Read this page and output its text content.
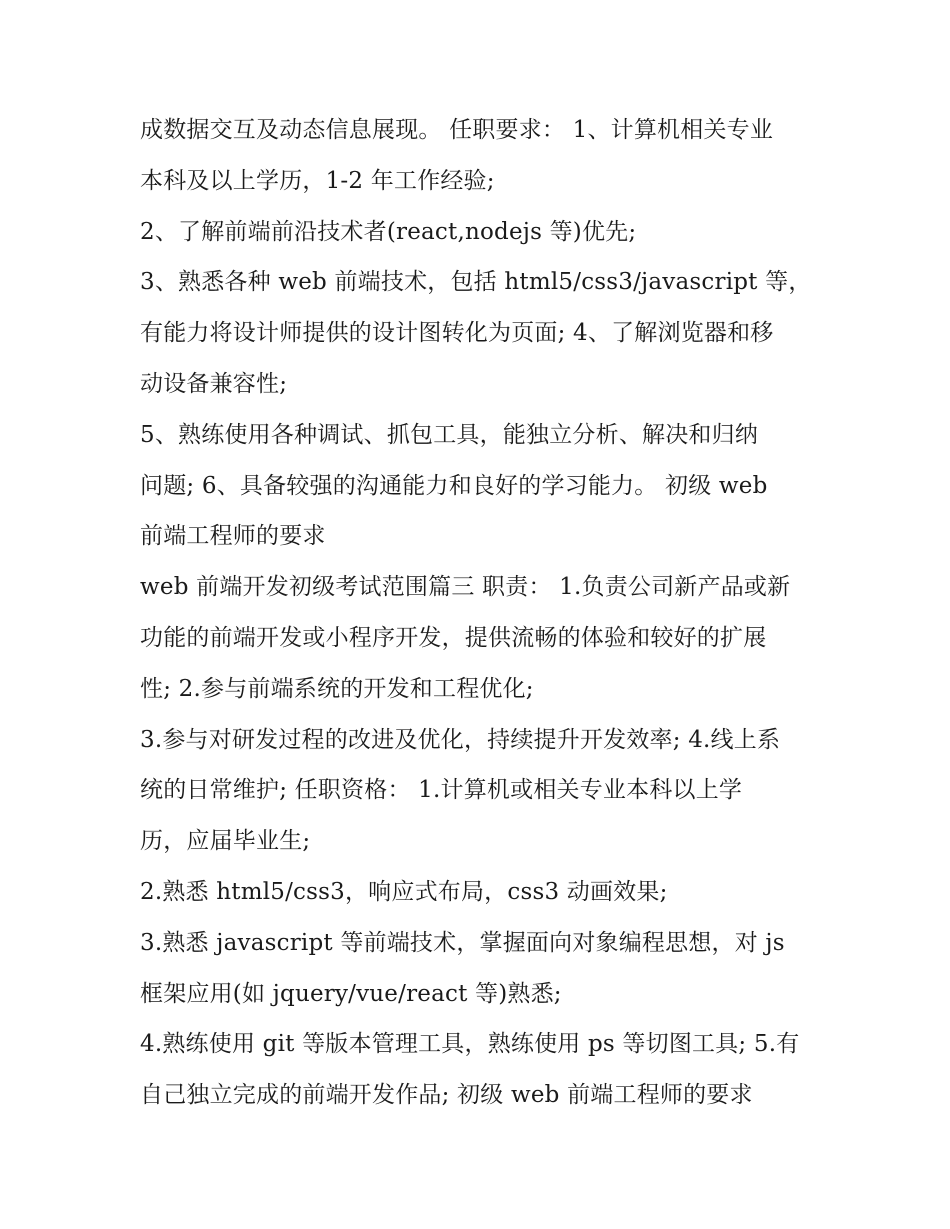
成数据交互及动态信息展现。 任职要求： 1、计算机相关专业
本科及以上学历，1-2 年工作经验;
2、了解前端前沿技术者(react,nodejs 等)优先;
3、熟悉各种 web 前端技术，包括 html5/css3/javascript 等，
有能力将设计师提供的设计图转化为页面; 4、了解浏览器和移
动设备兼容性;
5、熟练使用各种调试、抓包工具，能独立分析、解决和归纳
问题; 6、具备较强的沟通能力和良好的学习能力。 初级 web
前端工程师的要求
web 前端开发初级考试范围篇三 职责： 1.负责公司新产品或新
功能的前端开发或小程序开发，提供流畅的体验和较好的扩展
性; 2.参与前端系统的开发和工程优化;
3.参与对研发过程的改进及优化，持续提升开发效率; 4.线上系
统的日常维护; 任职资格： 1.计算机或相关专业本科以上学
历，应届毕业生;
2.熟悉 html5/css3，响应式布局，css3 动画效果;
3.熟悉 javascript 等前端技术，掌握面向对象编程思想，对 js
框架应用(如 jquery/vue/react 等)熟悉;
4.熟练使用 git 等版本管理工具，熟练使用 ps 等切图工具; 5.有
自己独立完成的前端开发作品; 初级 web 前端工程师的要求
